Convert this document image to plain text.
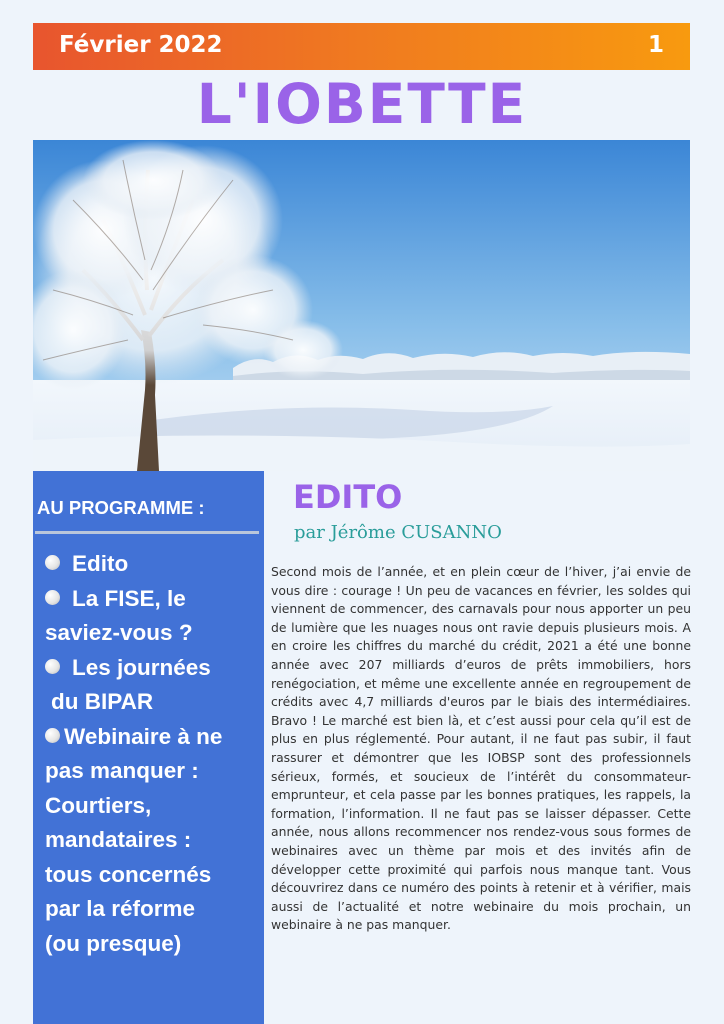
Février 2022	1
L'IOBETTE
AU PROGRAMME :
Edito
La FISE, le
saviez-vous ?
Les journées
du BIPAR
Webinaire à ne
pas manquer :
Courtiers,
mandataires :
tous concernés
par la réforme
(ou presque)
EDITO
par Jérôme CUSANNO

Second mois de l’année, et en plein cœur de l’hiver, j’ai envie de vous dire : courage ! Un peu de vacances en février, les soldes qui viennent de commencer, des carnavals pour nous apporter un peu de lumière que les nuages nous ont ravie depuis plusieurs mois. A en croire les chiffres du marché du crédit, 2021 a été une bonne année avec 207 milliards d’euros de prêts immobiliers, hors renégociation, et même une excellente année en regroupement de crédits avec 4,7 milliards d'euros par le biais des intermédiaires. Bravo ! Le marché est bien là, et c’est aussi pour cela qu’il est de plus en plus réglementé. Pour autant, il ne faut pas subir, il faut rassurer et démontrer que les IOBSP sont des professionnels sérieux, formés, et soucieux de l’intérêt du consommateur-emprunteur, et cela passe par les bonnes pratiques, les rappels, la formation, l’information. Il ne faut pas se laisser dépasser. Cette année, nous allons recommencer nos rendez-vous sous formes de webinaires avec un thème par mois et des invités afin de développer cette proximité qui parfois nous manque tant. Vous découvrirez dans ce numéro des points à retenir et à vérifier, mais aussi de l’actualité et notre webinaire du mois prochain, un webinaire à ne pas manquer.
